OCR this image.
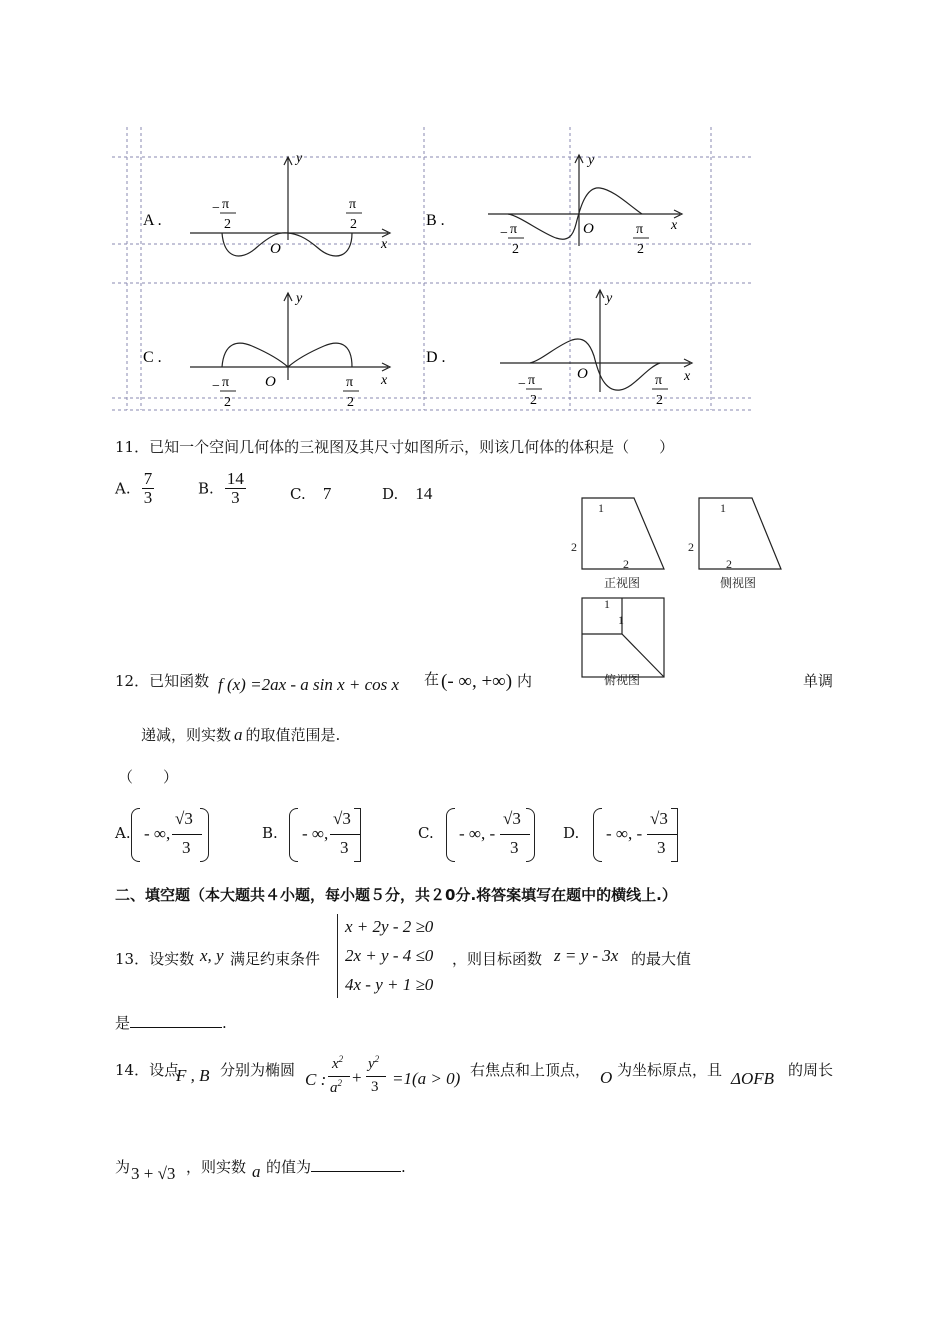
A .
y
x
O
− π
2
π
2	B .
y
x
O
− π
2
π
2
C .
y
x
O
− π
2
π
2
D .
y
x
O
− π
2
π
2
11．已知一个空间几何体的三视图及其尺寸如图所示，则该几何体的体积是（　　）
A. $\frac{7}{3}$	B. $\frac{14}{3}$	C. 7	D. 14
1
2
2
1
2
2
1
1
正视图	侧视图
俯视图
12．已知函数 f (x) =2ax - a sin x + cos x 在 (- ∞, +∞) 内	单调
递减，则实数 a 的取值范围是.
（　　）
A. - ∞,
√3
3
B. - ∞,
√3
3
C. - ∞, -
√3
3
D. - ∞, -
√3
3
二、填空题（本大题共４小题，每小题５分，共２0分.将答案填写在题中的横线上.）
13．设实数 x, y 满足约束条件
x + 2y - 2 ≥0
2x + y - 4 ≤0
4x - y + 1 ≥0
，则目标函数 z = y - 3x 的最大值
是	.
14．设点
F , B 分别为椭圆 C :
$x^2$
$a^2$ +
$y^2$
3 =1(a > 0) 右焦点和上顶点， O 为坐标原点，且 ΔOFB 的周长
为 3 + √3 ，则实数 a 的值为	.
